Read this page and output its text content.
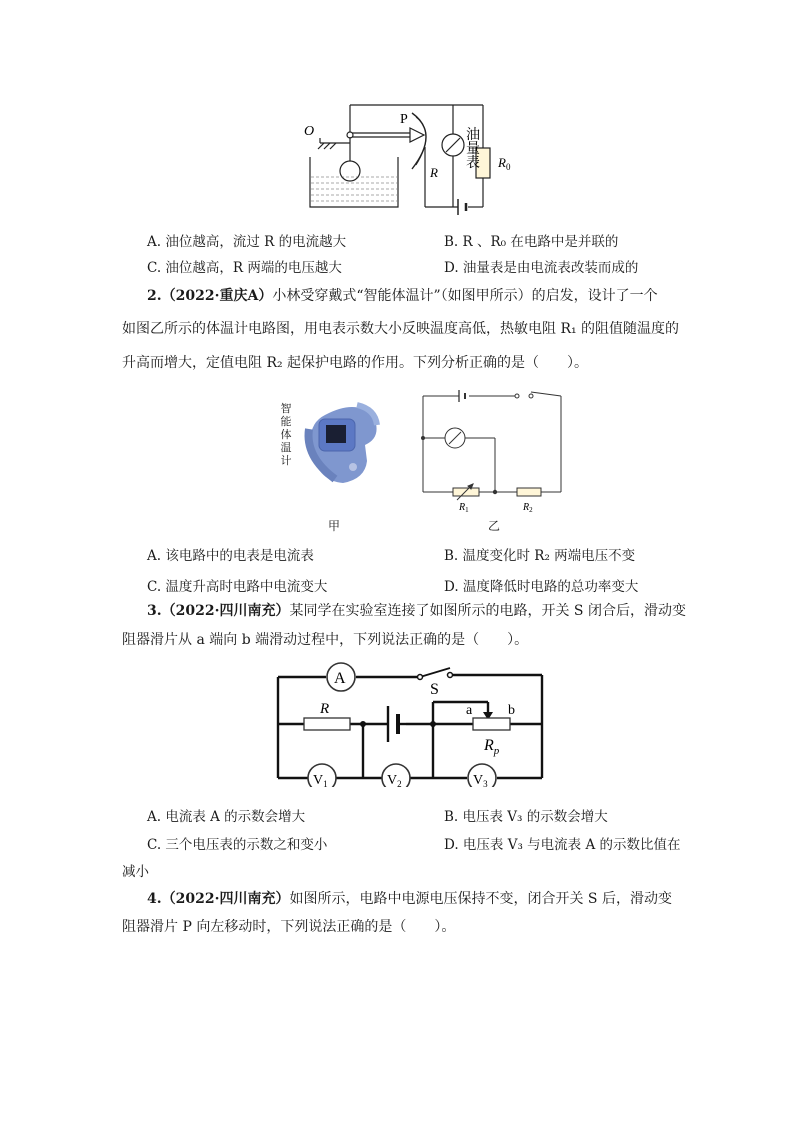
O
P
R
油
量
表 $R_0$
A. 油位越高，流过 R 的电流越大	B. R 、R₀ 在电路中是并联的
C. 油位越高，R 两端的电压越大	D. 油量表是由电流表改装而成的
2.（2022·重庆A）小林受穿戴式“智能体温计”（如图甲所示）的启发，设计了一个
如图乙所示的体温计电路图，用电表示数大小反映温度高低，热敏电阻 R₁ 的阻值随温度的
升高而增大，定值电阻 R₂ 起保护电路的作用。下列分析正确的是（　　）。
智
能
体
温
计
甲
$R_1$	$R_2$
乙
A. 该电路中的电表是电流表	B. 温度变化时 R₂ 两端电压不变
C. 温度升高时电路中电流变大	D. 温度降低时电路的总功率变大
3.（2022·四川南充）某同学在实验室连接了如图所示的电路，开关 S 闭合后，滑动变
阻器滑片从 a 端向 b 端滑动过程中，下列说法正确的是（　　）。
A
S
R	a	b
$R_p$
$V_1$	$V_2$	$V_3$
A. 电流表 A 的示数会增大	B. 电压表 V₃ 的示数会增大
C. 三个电压表的示数之和变小	D. 电压表 V₃ 与电流表 A 的示数比值在
减小
4.（2022·四川南充）如图所示，电路中电源电压保持不变，闭合开关 S 后，滑动变
阻器滑片 P 向左移动时，下列说法正确的是（　　）。
